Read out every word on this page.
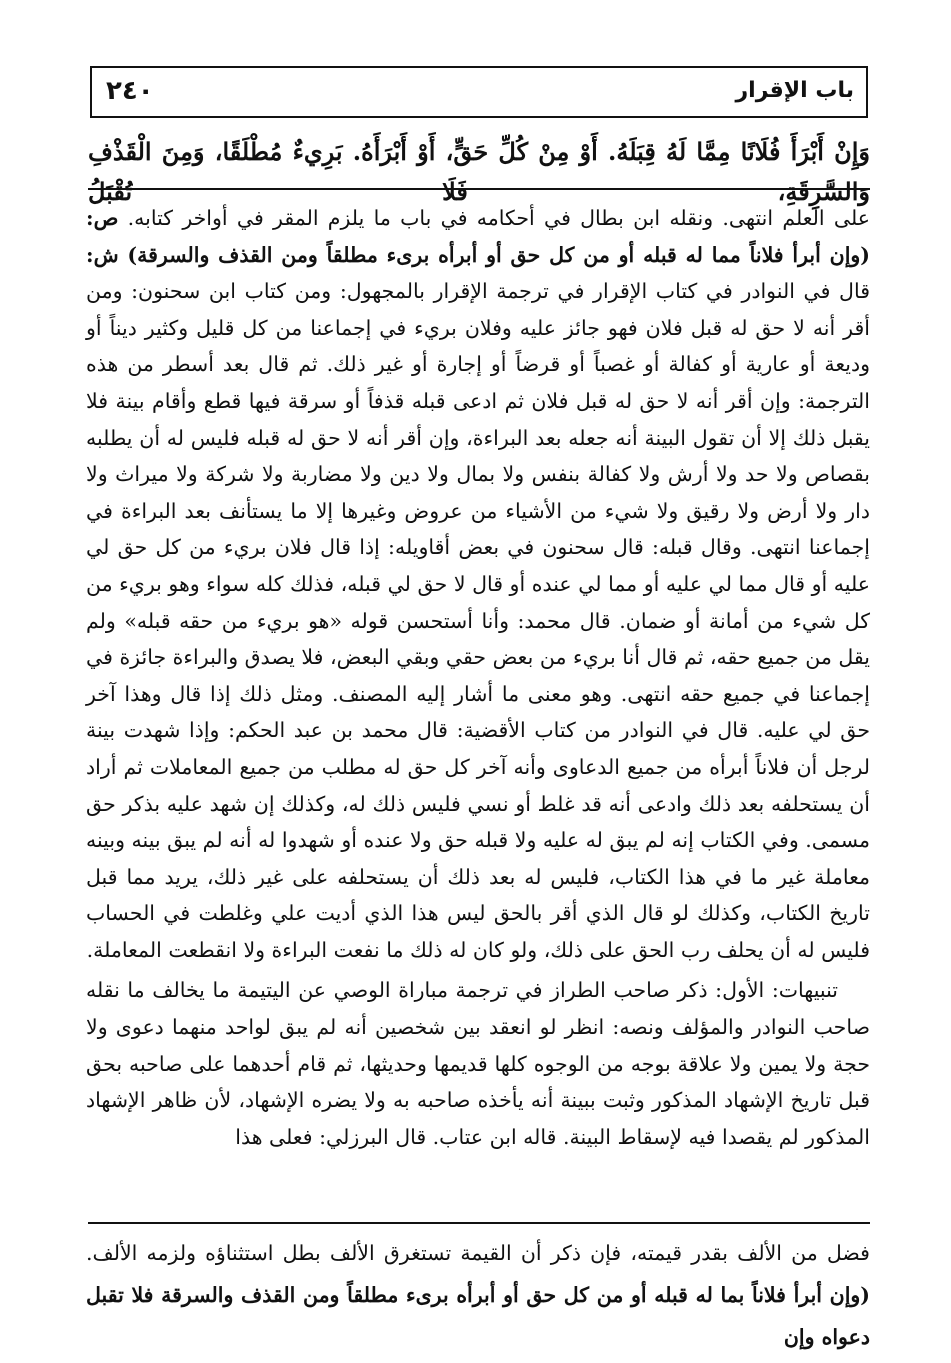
باب الإقرار
٢٤٠
وَإِنْ أَبْرَأَ فُلَانًا مِمَّا لَهُ قِبَلَهُ. أَوْ مِنْ كُلِّ حَقٍّ، أَوْ أَبْرَأَهُ. بَرِيءٌ مُطْلَقًا، وَمِنَ الْقَذْفِ وَالسَّرِقَةِ، فَلَا تُقْبَلُ

على العلم انتهى. ونقله ابن بطال في أحكامه في باب ما يلزم المقر في أواخر كتابه. ص: (وإن أبرأ فلاناً مما له قبله أو من كل حق أو أبرأه برىء مطلقاً ومن القذف والسرقة) ش: قال في النوادر في كتاب الإقرار في ترجمة الإقرار بالمجهول: ومن كتاب ابن سحنون: ومن أقر أنه لا حق له قبل فلان فهو جائز عليه وفلان بريء في إجماعنا من كل قليل وكثير ديناً أو وديعة أو عارية أو كفالة أو غصباً أو قرضاً أو إجارة أو غير ذلك. ثم قال بعد أسطر من هذه الترجمة: وإن أقر أنه لا حق له قبل فلان ثم ادعى قبله قذفاً أو سرقة فيها قطع وأقام بينة فلا يقبل ذلك إلا أن تقول البينة أنه جعله بعد البراءة، وإن أقر أنه لا حق له قبله فليس له أن يطلبه بقصاص ولا حد ولا أرش ولا كفالة بنفس ولا بمال ولا دين ولا مضاربة ولا شركة ولا ميراث ولا دار ولا أرض ولا رقيق ولا شيء من الأشياء من عروض وغيرها إلا ما يستأنف بعد البراءة في إجماعنا انتهى. وقال قبله: قال سحنون في بعض أقاويله: إذا قال فلان بريء من كل حق لي عليه أو قال مما لي عليه أو مما لي عنده أو قال لا حق لي قبله، فذلك كله سواء وهو بريء من كل شيء من أمانة أو ضمان. قال محمد: وأنا أستحسن قوله «هو بريء من حقه قبله» ولم يقل من جميع حقه، ثم قال أنا بريء من بعض حقي وبقي البعض، فلا يصدق والبراءة جائزة في إجماعنا في جميع حقه انتهى. وهو معنى ما أشار إليه المصنف. ومثل ذلك إذا قال وهذا آخر حق لي عليه. قال في النوادر من كتاب الأقضية: قال محمد بن عبد الحكم: وإذا شهدت بينة لرجل أن فلاناً أبرأه من جميع الدعاوى وأنه آخر كل حق له مطلب من جميع المعاملات ثم أراد أن يستحلفه بعد ذلك وادعى أنه قد غلط أو نسي فليس ذلك له، وكذلك إن شهد عليه بذكر حق مسمى. وفي الكتاب إنه لم يبق له عليه ولا قبله حق ولا عنده أو شهدوا له أنه لم يبق بينه وبينه معاملة غير ما في هذا الكتاب، فليس له بعد ذلك أن يستحلفه على غير ذلك، يريد مما قبل تاريخ الكتاب، وكذلك لو قال الذي أقر بالحق ليس هذا الذي أديت علي وغلطت في الحساب فليس له أن يحلف رب الحق على ذلك، ولو كان له ذلك ما نفعت البراءة ولا انقطعت المعاملة.

تنبيهات: الأول: ذكر صاحب الطراز في ترجمة مباراة الوصي عن اليتيمة ما يخالف ما نقله صاحب النوادر والمؤلف ونصه: انظر لو انعقد بين شخصين أنه لم يبق لواحد منهما دعوى ولا حجة ولا يمين ولا علاقة بوجه من الوجوه كلها قديمها وحديثها، ثم قام أحدهما على صاحبه بحق قبل تاريخ الإشهاد المذكور وثبت ببينة أنه يأخذه صاحبه به ولا يضره الإشهاد، لأن ظاهر الإشهاد المذكور لم يقصدا فيه لإسقاط البينة. قاله ابن عتاب. قال البرزلي: فعلى هذا

فضل من الألف بقدر قيمته، فإن ذكر أن القيمة تستغرق الألف بطل استثناؤه ولزمه الألف. (وإن أبرأ فلاناً بما له قبله أو من كل حق أو أبرأه برىء مطلقاً ومن القذف والسرقة فلا تقبل دعواه وإن
